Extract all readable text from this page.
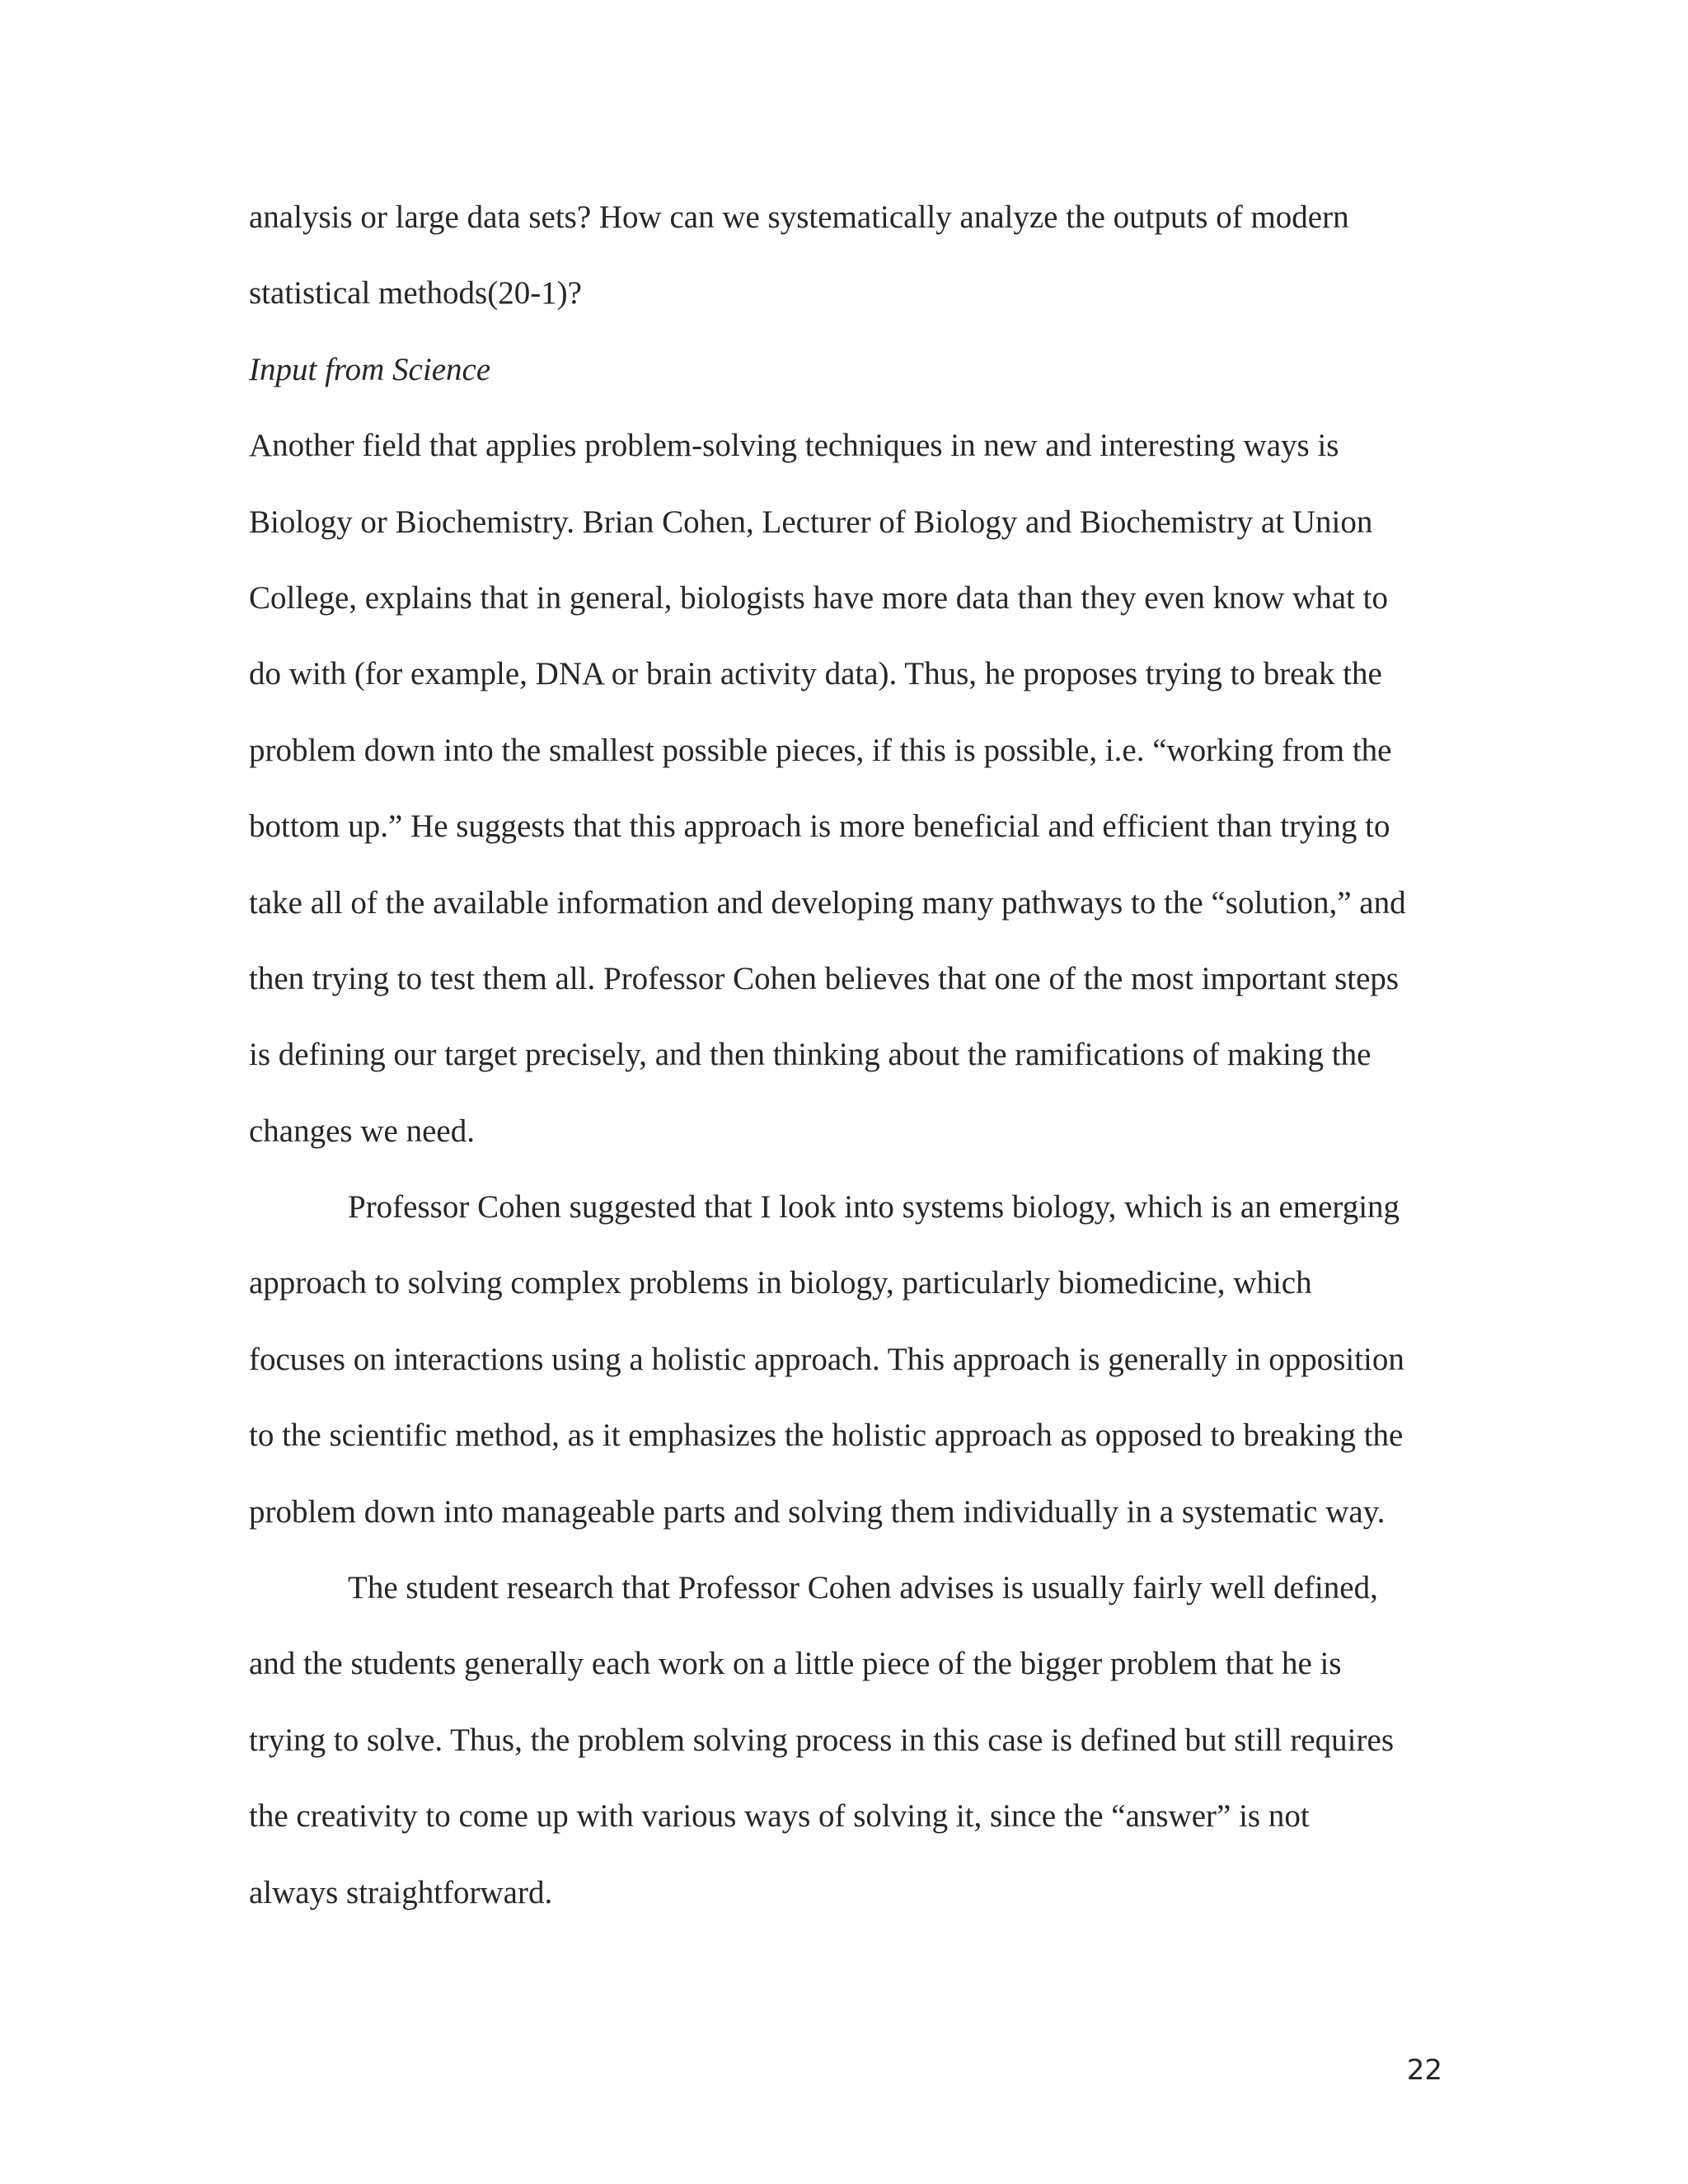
analysis or large data sets? How can we systematically analyze the outputs of modern
statistical methods(20-1)?
Input from Science
Another field that applies problem-solving techniques in new and interesting ways is
Biology or Biochemistry. Brian Cohen, Lecturer of Biology and Biochemistry at Union
College, explains that in general, biologists have more data than they even know what to
do with (for example, DNA or brain activity data). Thus, he proposes trying to break the
problem down into the smallest possible pieces, if this is possible, i.e. “working from the
bottom up.” He suggests that this approach is more beneficial and efficient than trying to
take all of the available information and developing many pathways to the “solution,” and
then trying to test them all. Professor Cohen believes that one of the most important steps
is defining our target precisely, and then thinking about the ramifications of making the
changes we need.
Professor Cohen suggested that I look into systems biology, which is an emerging
approach to solving complex problems in biology, particularly biomedicine, which
focuses on interactions using a holistic approach. This approach is generally in opposition
to the scientific method, as it emphasizes the holistic approach as opposed to breaking the
problem down into manageable parts and solving them individually in a systematic way.
The student research that Professor Cohen advises is usually fairly well defined,
and the students generally each work on a little piece of the bigger problem that he is
trying to solve. Thus, the problem solving process in this case is defined but still requires
the creativity to come up with various ways of solving it, since the “answer” is not
always straightforward.
22
